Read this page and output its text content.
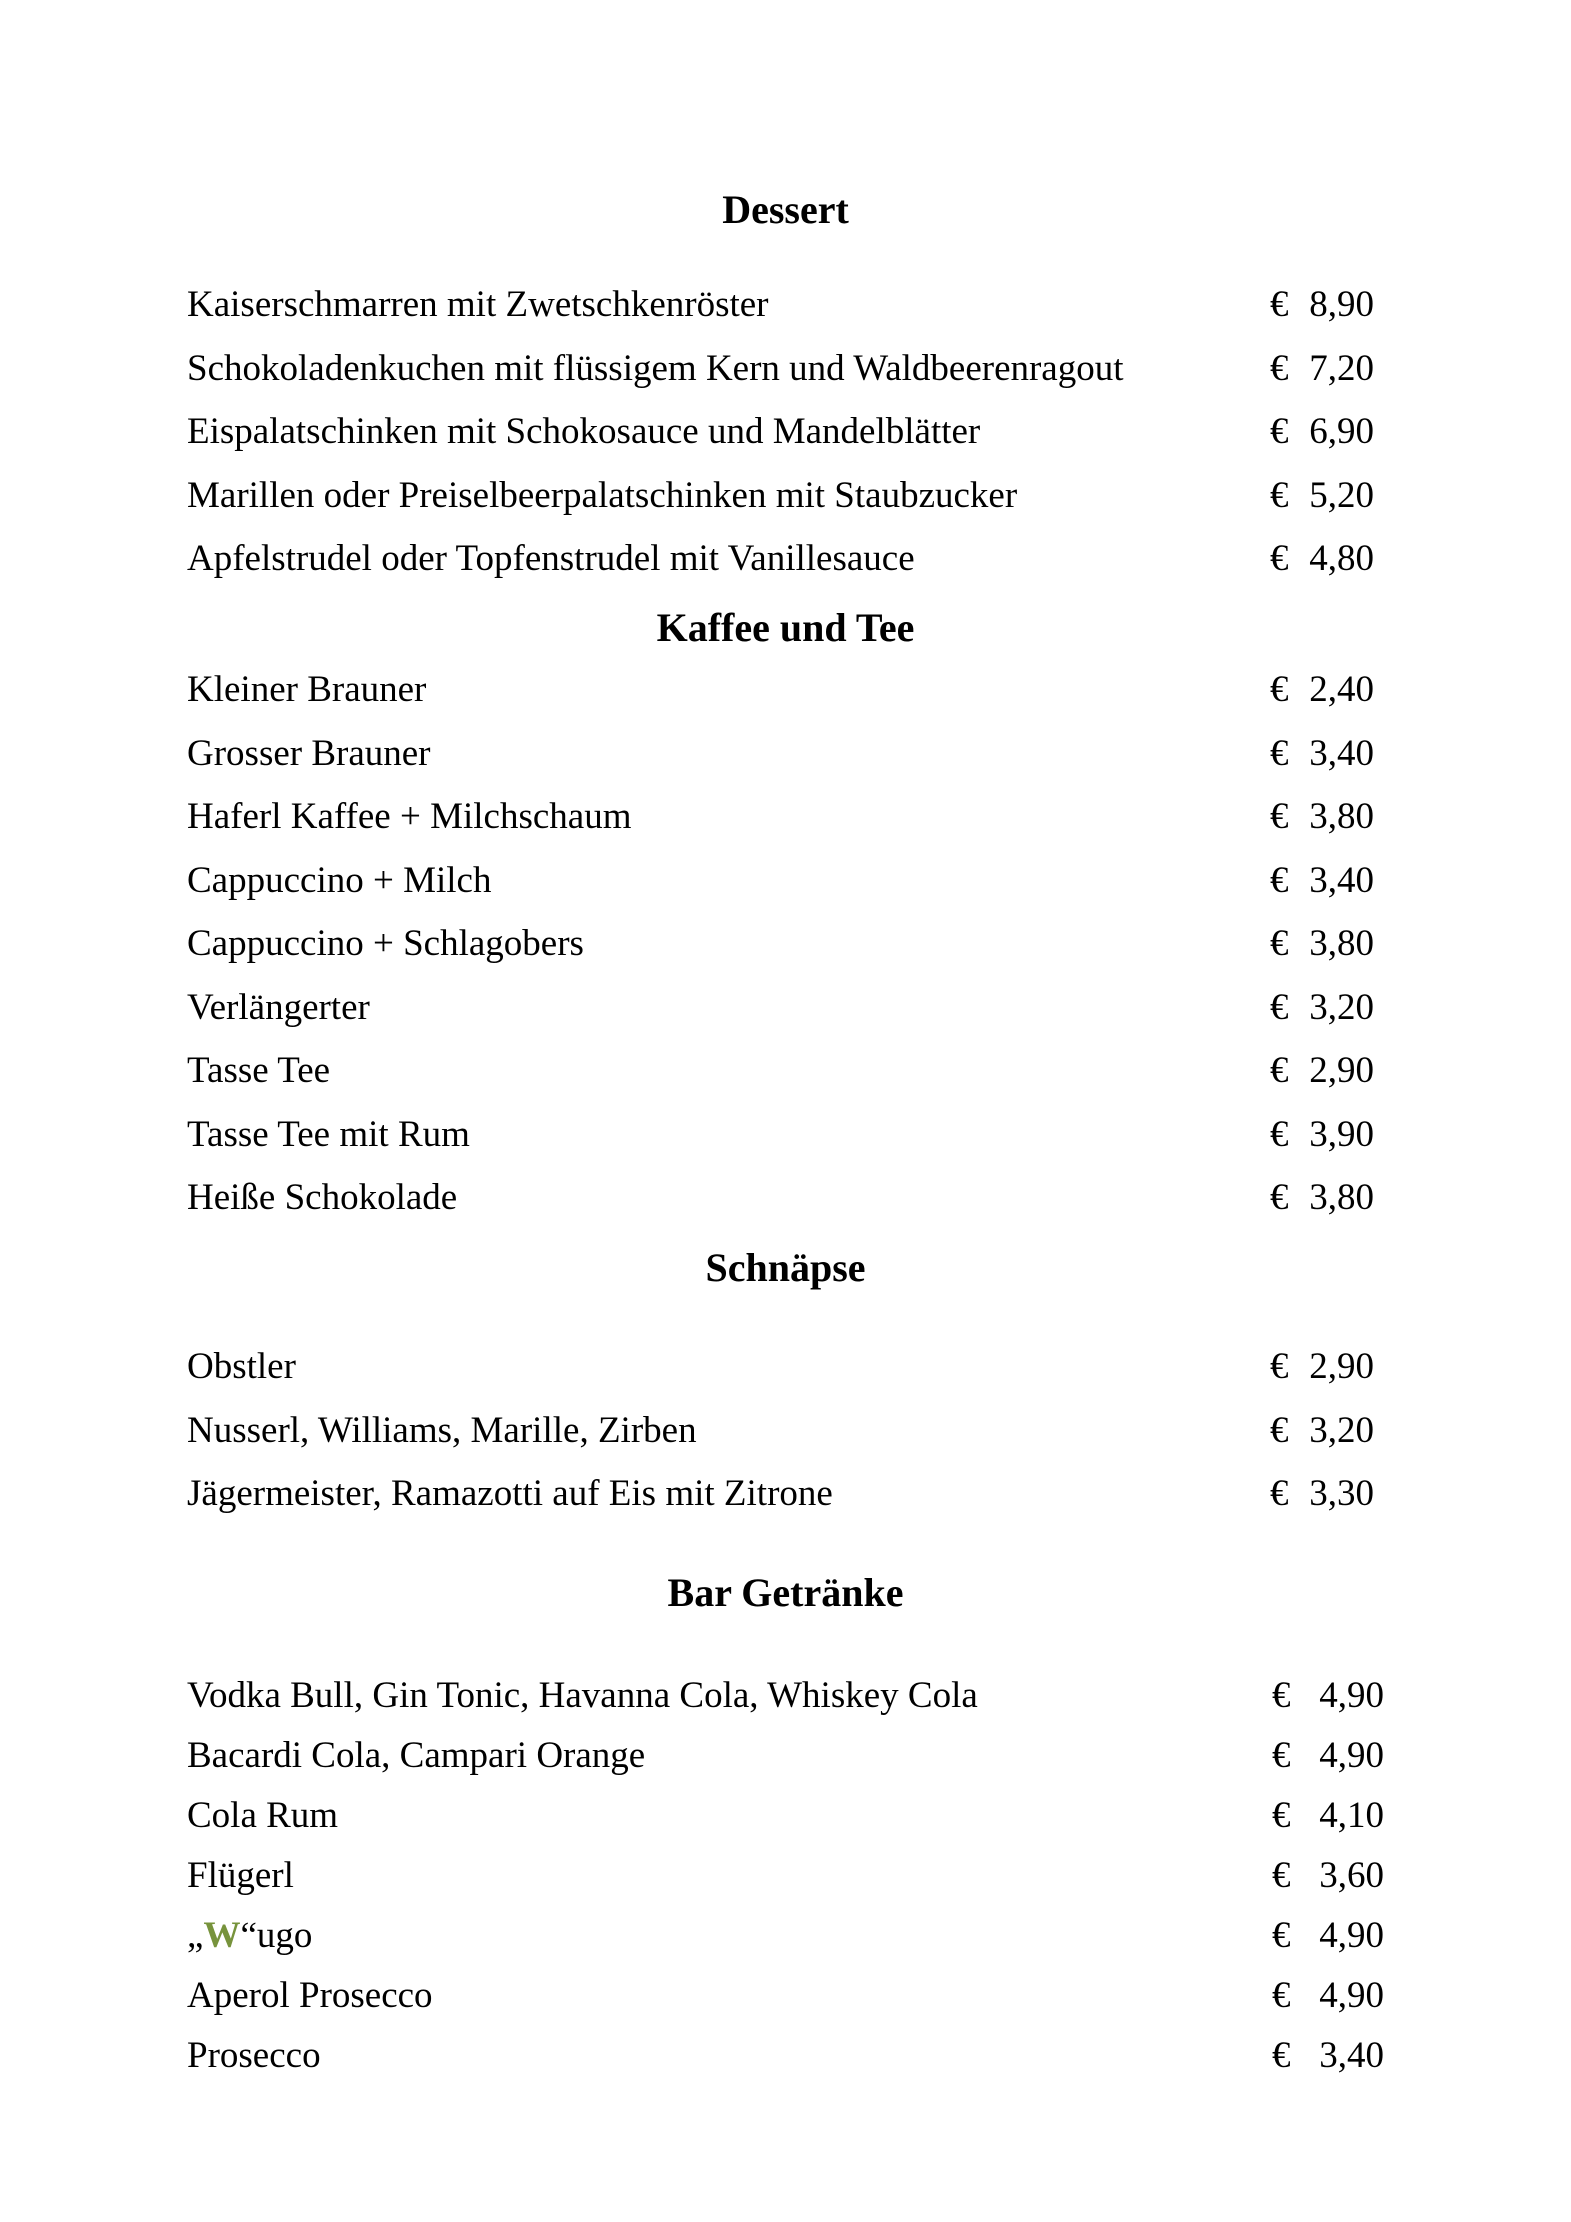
Dessert
Kaiserschmarren mit Zwetschkenröster	€ 8,90
Schokoladenkuchen mit flüssigem Kern und Waldbeerenragout	€ 7,20
Eispalatschinken mit Schokosauce und Mandelblätter	€ 6,90
Marillen oder Preiselbeerpalatschinken mit Staubzucker	€ 5,20
Apfelstrudel oder Topfenstrudel mit Vanillesauce	€ 4,80
Kaffee und Tee
Kleiner Brauner	€ 2,40
Grosser Brauner	€ 3,40
Haferl Kaffee + Milchschaum	€ 3,80
Cappuccino + Milch	€ 3,40
Cappuccino + Schlagobers	€ 3,80
Verlängerter	€ 3,20
Tasse Tee	€ 2,90
Tasse Tee mit Rum	€ 3,90
Heiße Schokolade	€ 3,80
Schnäpse
Obstler	€ 2,90
Nusserl, Williams, Marille, Zirben	€ 3,20
Jägermeister, Ramazotti auf Eis mit Zitrone	€ 3,30
Bar Getränke
Vodka Bull, Gin Tonic, Havanna Cola, Whiskey Cola	€ 4,90
Bacardi Cola, Campari Orange	€ 4,90
Cola Rum	€ 4,10
Flügerl	€ 3,60
„W“ugo	€ 4,90
Aperol Prosecco	€ 4,90
Prosecco	€ 3,40
